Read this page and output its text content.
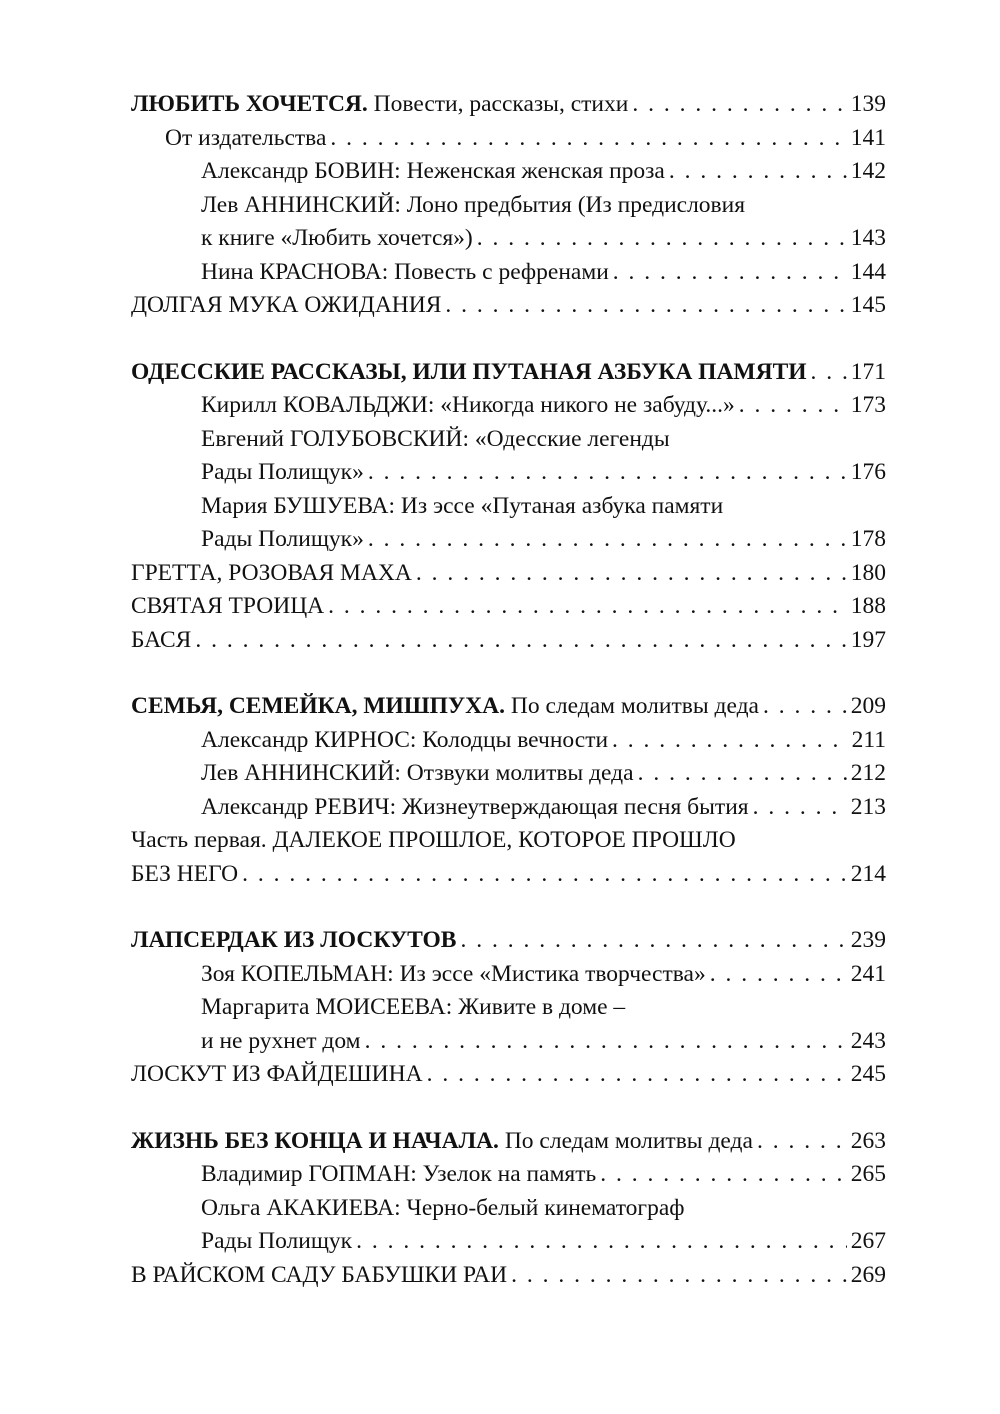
ЛЮБИТЬ ХОЧЕТСЯ. Повести, рассказы, стихи . . .	139
От издательства . . .	141
Александр БОВИН: Неженская женская проза . . .	142
Лев АННИНСКИЙ: Лоно предбытия (Из предисловия
к книге «Любить хочется») . . .	143
Нина КРАСНОВА: Повесть с рефренами . . .	144
ДОЛГАЯ МУКА ОЖИДАНИЯ . . .	145
ОДЕССКИЕ РАССКАЗЫ, ИЛИ ПУТАНАЯ АЗБУКА ПАМЯТИ . . . 171
Кирилл КОВАЛЬДЖИ: «Никогда никого не забуду...» . . .	173
Евгений ГОЛУБОВСКИЙ: «Одесские легенды
Рады Полищук» . . .	176
Мария БУШУЕВА: Из эссе «Путаная азбука памяти
Рады Полищук» . . .	178
ГРЕТТА, РОЗОВАЯ МАХА . . .	180
СВЯТАЯ ТРОИЦА . . .	188
БАСЯ . . .	197
СЕМЬЯ, СЕМЕЙКА, МИШПУХА. По следам молитвы деда . . .	209
Александр КИРНОС: Колодцы вечности . . .	211
Лев АННИНСКИЙ: Отзвуки молитвы деда . . .	212
Александр РЕВИЧ: Жизнеутверждающая песня бытия . . .	213
Часть первая. ДАЛЕКОЕ ПРОШЛОЕ, КОТОРОЕ ПРОШЛО
БЕЗ НЕГО . . .	214
ЛАПСЕРДАК ИЗ ЛОСКУТОВ . . .	239
Зоя КОПЕЛЬМАН: Из эссе «Мистика творчества» . . .	241
Маргарита МОИСЕЕВА: Живите в доме –
и не рухнет дом . . .	243
ЛОСКУТ ИЗ ФАЙДЕШИНА . . .	245
ЖИЗНЬ БЕЗ КОНЦА И НАЧАЛА. По следам молитвы деда . . .	263
Владимир ГОПМАН: Узелок на память . . .	265
Ольга АКАКИЕВА: Черно-белый кинематограф
Рады Полищук . . .	267
В РАЙСКОМ САДУ БАБУШКИ РАИ . . .	269
